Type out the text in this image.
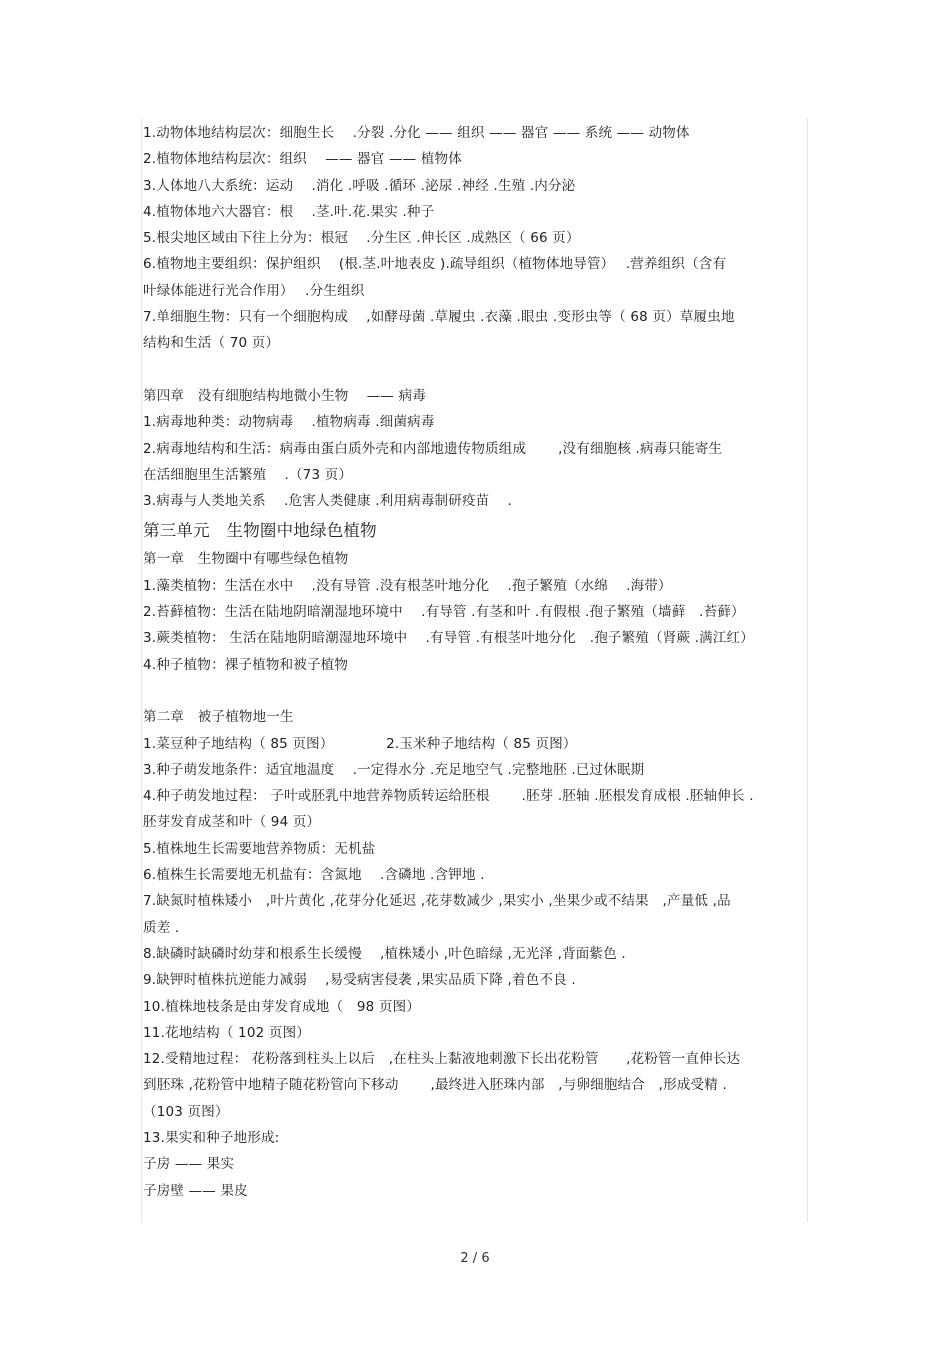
1.动物体地结构层次：细胞生长　 .分裂 .分化 —— 组织 —— 器官 —— 系统 —— 动物体
2.植物体地结构层次：组织　 —— 器官 —— 植物体
3.人体地八大系统：运动　 .消化 .呼吸 .循环 .泌尿 .神经 .生殖 .内分泌
4.植物体地六大器官：根　 .茎.叶.花.果实 .种子
5.根尖地区域由下往上分为：根冠　 .分生区 .伸长区 .成熟区（ 66 页）
6.植物地主要组织：保护组织　 (根.茎.叶地表皮 ).疏导组织（植物体地导管）　 .营养组织（含有
叶绿体能进行光合作用）　 .分生组织
7.单细胞生物：只有一个细胞构成　 ,如酵母菌 .草履虫 .衣藻 .眼虫 .变形虫等（ 68 页）草履虫地
结构和生活（ 70 页）
第四章　没有细胞结构地微小生物　 —— 病毒
1.病毒地种类：动物病毒　 .植物病毒 .细菌病毒
2.病毒地结构和生活：病毒由蛋白质外壳和内部地遗传物质组成　　 ,没有细胞核 .病毒只能寄生
在活细胞里生活繁殖　 .（73 页）
3.病毒与人类地关系　 .危害人类健康 .利用病毒制研疫苗　 .
第三单元　生物圈中地绿色植物
第一章　生物圈中有哪些绿色植物
1.藻类植物：生活在水中　 .没有导管 .没有根茎叶地分化　 .孢子繁殖（水绵　 .海带）
2.苔藓植物：生活在陆地阴暗潮湿地环境中　 .有导管 .有茎和叶 .有假根 .孢子繁殖（墙藓　.苔藓）
3.蕨类植物： 生活在陆地阴暗潮湿地环境中　 .有导管 .有根茎叶地分化　.孢子繁殖（肾蕨 .满江红）
4.种子植物：裸子植物和被子植物
第二章　被子植物地一生
1.菜豆种子地结构（ 85 页图）　　　　 2.玉米种子地结构（ 85 页图）
3.种子萌发地条件：适宜地温度　 .一定得水分 .充足地空气 .完整地胚 .已过休眠期
4.种子萌发地过程： 子叶或胚乳中地营养物质转运给胚根　　 .胚芽 .胚轴 .胚根发育成根 .胚轴伸长 .
胚芽发育成茎和叶（ 94 页）
5.植株地生长需要地营养物质：无机盐
6.植株生长需要地无机盐有：含氮地　 .含磷地 .含钾地 .
7.缺氮时植株矮小　,叶片黄化 ,花芽分化延迟 ,花芽数减少 ,果实小 ,坐果少或不结果　,产量低 ,品
质差 .
8.缺磷时缺磷时幼芽和根系生长缓慢　 ,植株矮小 ,叶色暗绿 ,无光泽 ,背面紫色 .
9.缺钾时植株抗逆能力减弱　 ,易受病害侵袭 ,果实品质下降 ,着色不良 .
10.植株地枝条是由芽发育成地（　98 页图）
11.花地结构（ 102 页图）
12.受精地过程： 花粉落到柱头上以后　,在柱头上黏液地刺激下长出花粉管　　,花粉管一直伸长达
到胚珠 ,花粉管中地精子随花粉管向下移动　　 ,最终进入胚珠内部　,与卵细胞结合　,形成受精 .
（103 页图）
13.果实和种子地形成:
子房 —— 果实
子房壁 —— 果皮
2 / 6
